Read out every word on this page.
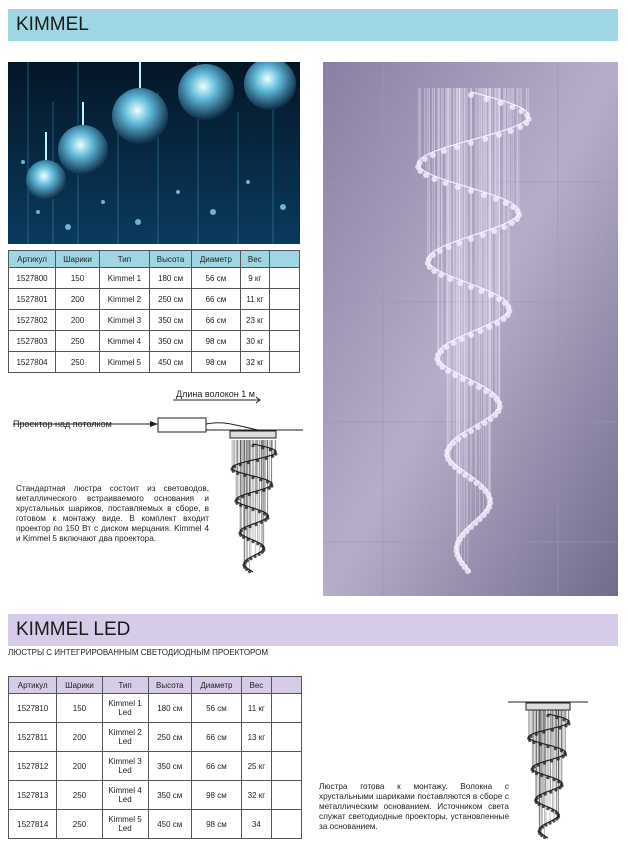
KIMMEL
Артикул	Шарики	Тип	Высота	Диаметр	Вес	
1527800	150	Kimmel 1	180 см	56 см	9 кг	
1527801	200	Kimmel 2	250 см	66 см	11 кг	
1527802	200	Kimmel 3	350 см	66 см	23 кг	
1527803	250	Kimmel 4	350 см	98 см	30 кг	
1527804	250	Kimmel 5	450 см	98 см	32 кг	
Длина волокон 1 м
Проектор над потолком
Стандартная люстра состоит из световодов, металлического встраиваемого основания и хрустальных шариков, поставляемых в сборе, в готовом к монтажу виде. В комплект входит проектор по 150 Вт с диском мерцания. Kimmel 4 и Kimmel 5 включают два проектора.
KIMMEL LED
ЛЮСТРЫ С ИНТЕГРИРОВАННЫМ СВЕТОДИОДНЫМ ПРОЕКТОРОМ
Артикул	Шарики	Тип	Высота	Диаметр	Вес	
1527810	150	Kimmel 1 Led	180 см	56 см	11 кг	
1527811	200	Kimmel 2 Led	250 см	66 см	13 кг	
1527812	200	Kimmel 3 Led	350 см	66 см	25 кг	
1527813	250	Kimmel 4 Led	350 см	98 см	32 кг	
1527814	250	Kimmel 5 Led	450 см	98 см	34	
Люстра готова к монтажу. Волокна с хрустальными шариками поставляются в сборе с металлическим основанием. Источником света служат светодиодные проекторы, установленные за основанием.
